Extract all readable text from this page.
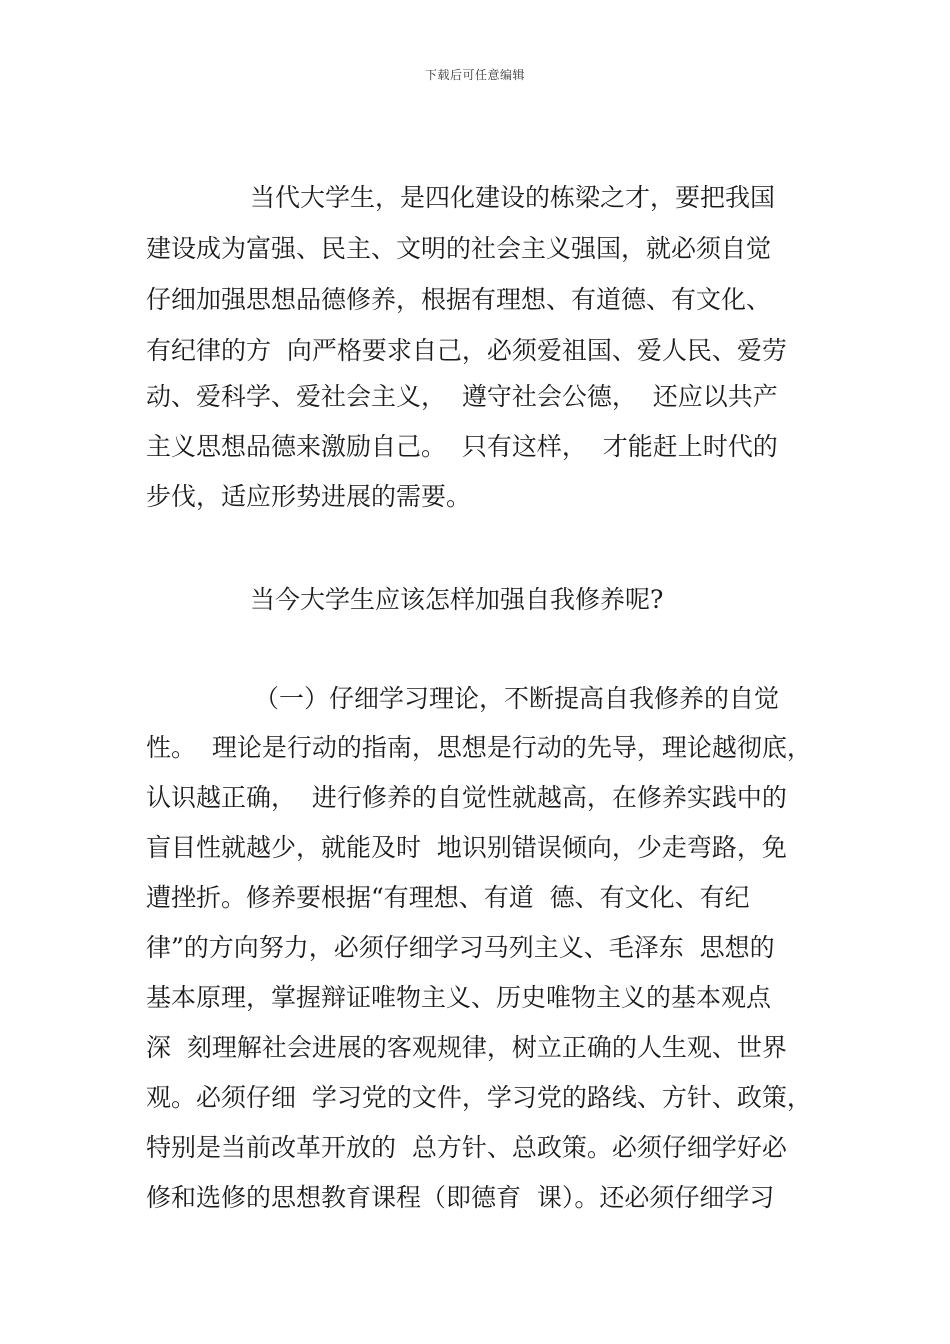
下载后可任意编辑
当代大学生，是四化建设的栋梁之才，要把我国
建设成为富强、民主、文明的社会主义强国，就必须自觉
仔细加强思想品德修养，根据有理想、有道德、有文化、
有纪律的方  向严格要求自己，必须爱祖国、爱人民、爱劳
动、爱科学、爱社会主义，  遵守社会公德，  还应以共产
主义思想品德来激励自己。  只有这样，  才能赶上时代的
步伐，适应形势进展的需要。
当今大学生应该怎样加强自我修养呢?
（一）仔细学习理论，不断提高自我修养的自觉
性。  理论是行动的指南，思想是行动的先导，理论越彻底，
认识越正确，  进行修养的自觉性就越高，在修养实践中的
盲目性就越少，就能及时  地识别错误倾向，少走弯路，免
遭挫折。修养要根据“有理想、有道  德、有文化、有纪
律”的方向努力，必须仔细学习马列主义、毛泽东  思想的
基本原理，掌握辩证唯物主义、历史唯物主义的基本观点
深  刻理解社会进展的客观规律，树立正确的人生观、世界
观。必须仔细  学习党的文件，学习党的路线、方针、政策，
特别是当前改革开放的  总方针、总政策。必须仔细学好必
修和选修的思想教育课程（即德育  课）。还必须仔细学习
